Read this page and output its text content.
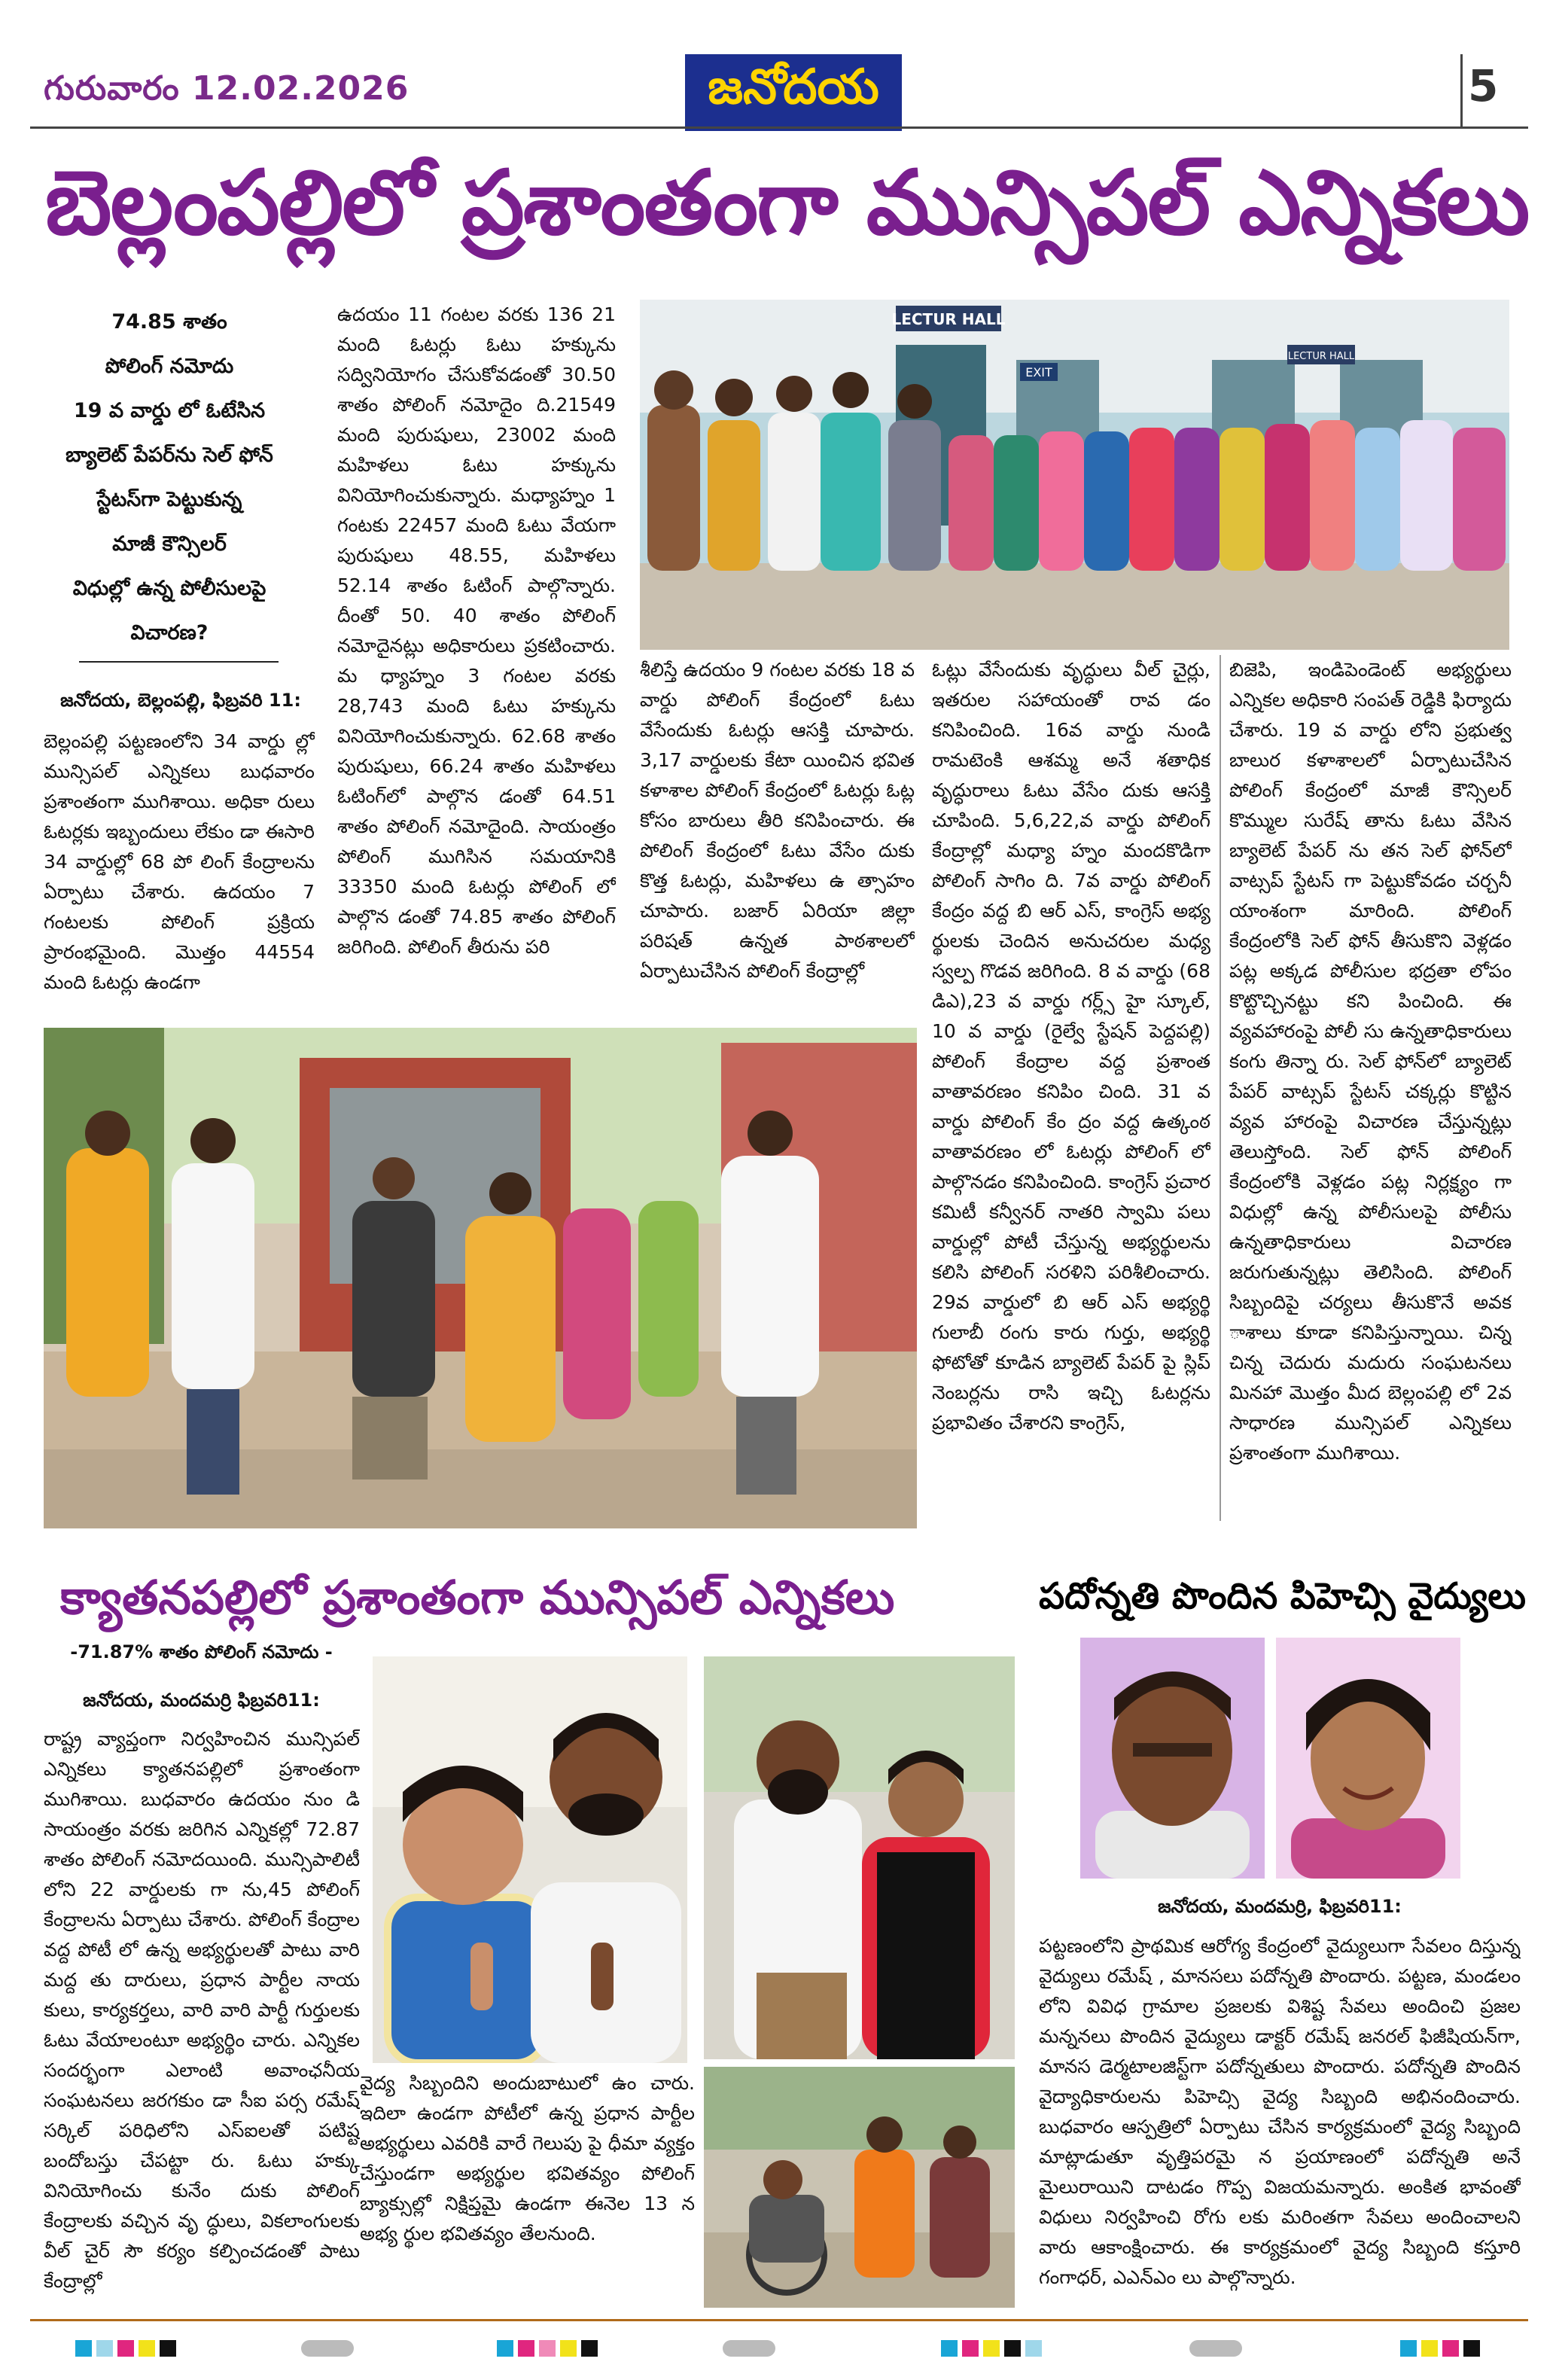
గురువారం 12.02.2026	జనోదయ	5
బెల్లంపల్లిలో ప్రశాంతంగా మున్సిపల్ ఎన్నికలు
74.85 శాతం
పోలింగ్ నమోదు
19 వ వార్డు లో ఓటేసిన
బ్యాలెట్ పేపర్‌ను సెల్ ఫోన్
స్టేటస్‌గా పెట్టుకున్న
మాజీ కౌన్సిలర్
విధుల్లో ఉన్న పోలీసులపై
విచారణ?
జనోదయ, బెల్లంపల్లి, ఫిబ్రవరి 11:
బెల్లంపల్లి పట్టణంలోని 34 వార్డు ల్లో మున్సిపల్ ఎన్నికలు బుధవారం ప్రశాంతంగా ముగిశాయి. అధికా రులు ఓటర్లకు ఇబ్బందులు లేకుం డా ఈసారి 34 వార్డుల్లో 68 పో లింగ్ కేంద్రాలను ఏర్పాటు చేశారు. ఉదయం 7 గంటలకు పోలింగ్ ప్రక్రియ ప్రారంభమైంది. మొత్తం 44554 మంది ఓటర్లు ఉండగా
ఉదయం 11 గంటల వరకు 136 21 మంది ఓటర్లు ఓటు హక్కును సద్వినియోగం చేసుకోవడంతో 30.50 శాతం పోలింగ్ నమోదైం ది.21549 మంది పురుషులు, 23002 మంది మహిళలు ఓటు హక్కును వినియోగించుకున్నారు. మధ్యాహ్నం 1 గంటకు 22457 మంది ఓటు వేయగా పురుషులు 48.55, మహిళలు 52.14 శాతం ఓటింగ్ పాల్గొన్నారు. దీంతో 50. 40 శాతం పోలింగ్ నమోదైనట్లు అధికారులు ప్రకటించారు. మ ధ్యాహ్నం 3 గంటల వరకు 28,743 మంది ఓటు హక్కును వినియోగించుకున్నారు. 62.68 శాతం పురుషులు, 66.24 శాతం మహిళలు ఓటింగ్‌లో పాల్గొన డంతో 64.51 శాతం పోలింగ్ నమోదైంది. సాయంత్రం పోలింగ్ ముగిసిన సమయానికి 33350 మంది ఓటర్లు పోలింగ్ లో పాల్గొన డంతో 74.85 శాతం పోలింగ్ జరిగింది. పోలింగ్ తీరును పరి
LECTUR HALL
EXIT
LECTUR HALL
శీలిస్తే ఉదయం 9 గంటల వరకు 18 వ వార్డు పోలింగ్ కేంద్రంలో ఓటు వేసేందుకు ఓటర్లు ఆసక్తి చూపారు. 3,17 వార్డులకు కేటా యించిన భవిత కళాశాల పోలింగ్ కేంద్రంలో ఓటర్లు ఓట్ల కోసం బారులు తీరి కనిపించారు. ఈ పోలింగ్ కేంద్రంలో ఓటు వేసేం దుకు కొత్త ఓటర్లు, మహిళలు ఉ త్సాహం చూపారు. బజార్ ఏరియా జిల్లా పరిషత్ ఉన్నత పాఠశాలలో ఏర్పాటుచేసిన పోలింగ్ కేంద్రాల్లో
ఓట్లు వేసేందుకు వృద్ధులు వీల్ చైర్లు, ఇతరుల సహాయంతో రావ డం కనిపించింది. 16వ వార్డు నుండి రామటెంకి ఆశమ్మ అనే శతాధిక వృద్ధురాలు ఓటు వేసేం దుకు ఆసక్తి చూపింది. 5,6,22,వ వార్డు పోలింగ్ కేంద్రాల్లో మధ్యా హ్నం మందకొడిగా పోలింగ్ సాగిం ది. 7వ వార్డు పోలింగ్ కేంద్రం వద్ద బి ఆర్ ఎస్, కాంగ్రెస్ అభ్య ర్థులకు చెందిన అనుచరుల మధ్య స్వల్ప గొడవ జరిగింది. 8 వ వార్డు (68 డిఎ),23 వ వార్డు గర్ల్స్ హై స్కూల్, 10 వ వార్డు (రైల్వే స్టేషన్ పెద్దపల్లి) పోలింగ్ కేంద్రాల వద్ద ప్రశాంత వాతావరణం కనిపిం చింది. 31 వ వార్డు పోలింగ్ కేం ద్రం వద్ద ఉత్కంఠ వాతావరణం లో ఓటర్లు పోలింగ్ లో పాల్గొనడం కనిపించింది. కాంగ్రెస్ ప్రచార కమిటీ కన్వీనర్ నాతరి స్వామి పలు వార్డుల్లో పోటీ చేస్తున్న అభ్యర్థులను కలిసి పోలింగ్ సరళిని పరిశీలించారు. 29వ వార్డులో బి ఆర్ ఎస్ అభ్యర్థి గులాబీ రంగు కారు గుర్తు, అభ్యర్థి ఫోటోతో కూడిన బ్యాలెట్ పేపర్ పై స్లిప్ నెంబర్లను రాసి ఇచ్చి ఓటర్లను ప్రభావితం చేశారని కాంగ్రెస్,
బిజెపి, ఇండిపెండెంట్ అభ్యర్థులు ఎన్నికల అధికారి సంపత్ రెడ్డికి ఫిర్యాదు చేశారు. 19 వ వార్డు లోని ప్రభుత్వ బాలుర కళాశాలలో ఏర్పాటుచేసిన పోలింగ్ కేంద్రంలో మాజీ కౌన్సిలర్ కొమ్ముల సురేష్ తాను ఓటు వేసిన బ్యాలెట్ పేపర్ ను తన సెల్ ఫోన్‌లో వాట్సప్ స్టేటస్ గా పెట్టుకోవడం చర్చనీ యాంశంగా మారింది. పోలింగ్ కేంద్రంలోకి సెల్ ఫోన్ తీసుకొని వెళ్లడం పట్ల అక్కడ పోలీసుల భద్రతా లోపం కొట్టొచ్చినట్టు కని పించింది. ఈ వ్యవహారంపై పోలీ సు ఉన్నతాధికారులు కంగు తిన్నా రు. సెల్ ఫోన్‌లో బ్యాలెట్ పేపర్ వాట్సప్ స్టేటస్ చక్కర్లు కొట్టిన వ్యవ హారంపై విచారణ చేస్తున్నట్లు తెలుస్తోంది. సెల్ ఫోన్ పోలింగ్ కేంద్రంలోకి వెళ్లడం పట్ల నిర్లక్ష్యం గా విధుల్లో ఉన్న పోలీసులపై పోలీసు ఉన్నతాధికారులు విచారణ జరుగుతున్నట్లు తెలిసింది. పోలింగ్ సిబ్బందిపై చర్యలు తీసుకొనే అవక ాశాలు కూడా కనిపిస్తున్నాయి. చిన్న చిన్న చెదురు మదురు సంఘటనలు మినహా మొత్తం మీద బెల్లంపల్లి లో 2వ సాధారణ మున్సిపల్ ఎన్నికలు ప్రశాంతంగా ముగిశాయి.
క్యాతనపల్లిలో ప్రశాంతంగా మున్సిపల్ ఎన్నికలు	పదోన్నతి పొందిన పిహెచ్సి వైద్యులు
-71.87% శాతం పోలింగ్ నమోదు -
జనోదయ, మందమర్రి ఫిబ్రవరి11:
రాష్ట్ర వ్యాప్తంగా నిర్వహించిన మున్సిపల్ ఎన్నికలు క్యాతనపల్లిలో ప్రశాంతంగా ముగిశాయి. బుధవారం ఉదయం నుం డి సాయంత్రం వరకు జరిగిన ఎన్నికల్లో 72.87 శాతం పోలింగ్ నమోదయింది. మున్సిపాలిటీ లోని 22 వార్డులకు గా ను,45 పోలింగ్ కేంద్రాలను ఏర్పాటు చేశారు. పోలింగ్ కేంద్రాల వద్ద పోటీ లో ఉన్న అభ్యర్థులతో పాటు వారి మద్ద తు దారులు, ప్రధాన పార్టీల నాయ కులు, కార్యకర్తలు, వారి వారి పార్టీ గుర్తులకు ఓటు వేయాలంటూ అభ్యర్థిం చారు. ఎన్నికల సందర్భంగా ఎలాంటి అవాంఛనీయ సంఘటనలు జరగకుం డా సీఐ పర్స రమేష్ సర్కిల్ పరిధిలోని ఎస్ఐలతో పటిష్ట బందోబస్తు చేపట్టా రు. ఓటు హక్కు వినియోగించు కునేం దుకు పోలింగ్ కేంద్రాలకు వచ్చిన వృ ద్ధులు, వికలాంగులకు వీల్ చైర్ సౌ కర్యం కల్పించడంతో పాటు కేంద్రాల్లో
వైద్య సిబ్బందిని అందుబాటులో ఉం చారు. ఇదిలా ఉండగా పోటీలో ఉన్న ప్రధాన పార్టీల అభ్యర్థులు ఎవరికి వారే గెలుపు పై ధీమా వ్యక్తం చేస్తుండగా అభ్యర్థుల భవితవ్యం పోలింగ్ బ్యాక్సుల్లో నిక్షిప్తమై ఉండగా ఈనెల 13 న అభ్య ర్థుల భవితవ్యం తేలనుంది.
జనోదయ, మందమర్రి, ఫిబ్రవరి11:
పట్టణంలోని ప్రాథమిక ఆరోగ్య కేంద్రంలో వైద్యులుగా సేవలం దిస్తున్న వైద్యులు రమేష్ , మానసలు పదోన్నతి పొందారు. పట్టణ, మండలం లోని వివిధ గ్రామాల ప్రజలకు విశిష్ట సేవలు అందించి ప్రజల మన్ననలు పొందిన వైద్యులు డాక్టర్ రమేష్ జనరల్ ఫిజీషియన్‌గా, మానస డెర్మటాలజిస్ట్‌గా పదోన్నతులు పొందారు. పదోన్నతి పొందిన వైద్యాధికారులను పిహెచ్సి వైద్య సిబ్బంది అభినందించారు. బుధవారం ఆస్పత్రిలో ఏర్పాటు చేసిన కార్యక్రమంలో వైద్య సిబ్బంది మాట్లాడుతూ వృత్తిపరమై న ప్రయాణంలో పదోన్నతి అనే మైలురాయిని దాటడం గొప్ప విజయమన్నారు. అంకిత భావంతో విధులు నిర్వహించి రోగు లకు మరింతగా సేవలు అందించాలని వారు ఆకాంక్షించారు. ఈ కార్యక్రమంలో వైద్య సిబ్బంది కస్తూరి గంగాధర్, ఎఎన్ఎం లు పాల్గొన్నారు.
